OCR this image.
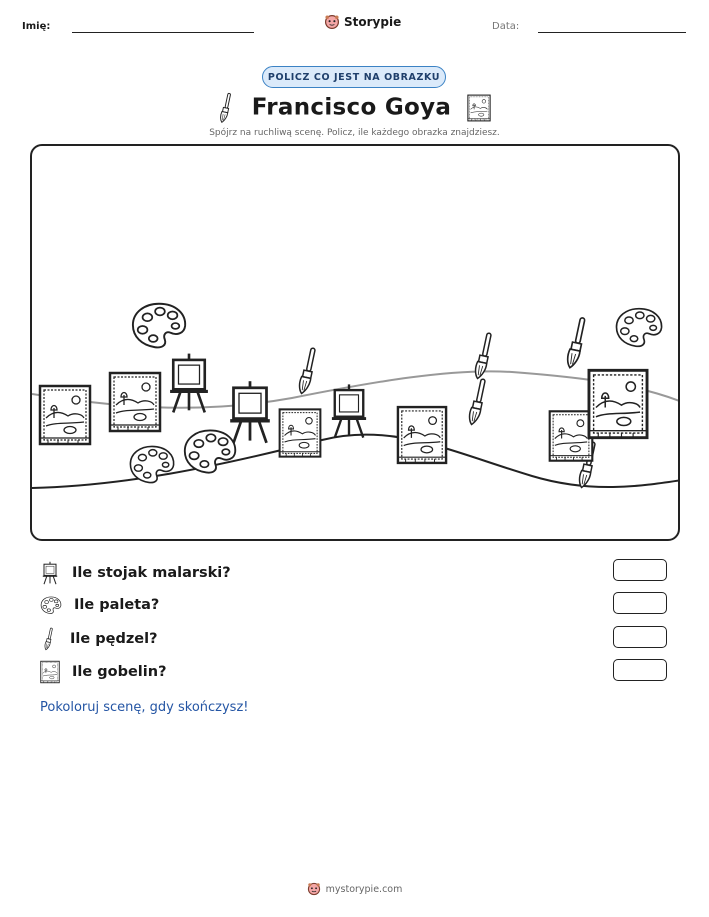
Imię:	Storypie	Data:
POLICZ CO JEST NA OBRAZKU
Francisco Goya
Spójrz na ruchliwą scenę. Policz, ile każdego obrazka znajdziesz.
Ile stojak malarski?
Ile paleta?
Ile pędzel?
Ile gobelin?
Pokoloruj scenę, gdy skończysz!
mystorypie.com
